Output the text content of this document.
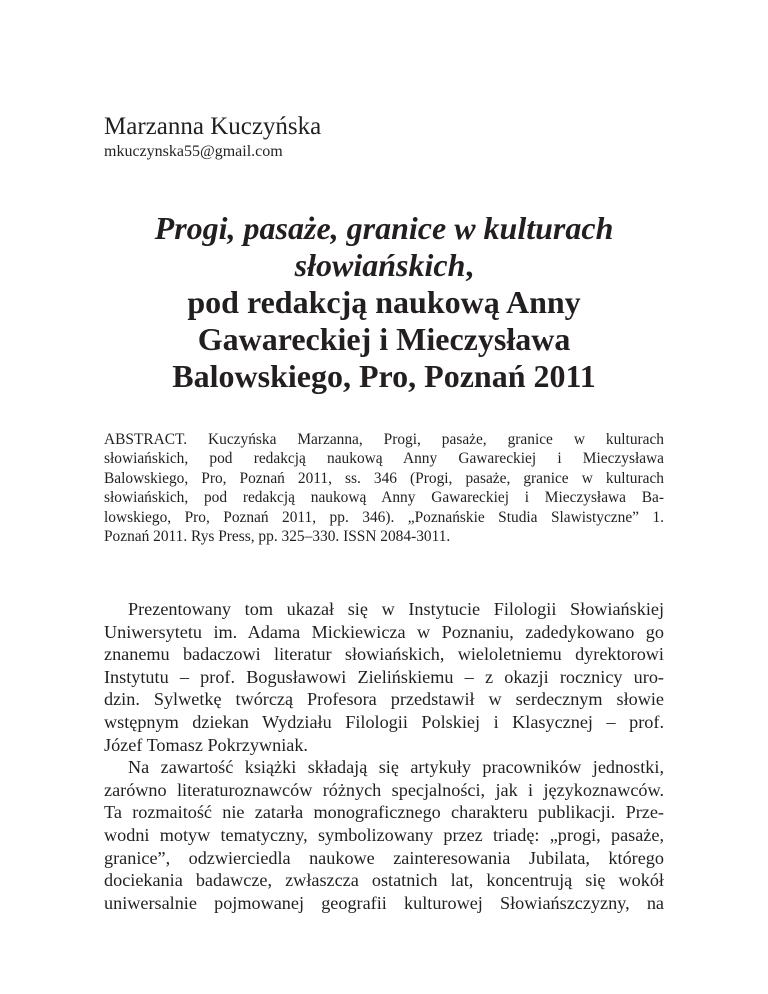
Marzanna Kuczyńska
mkuczynska55@gmail.com
Progi, pasaże, granice w kulturach
słowiańskich,
pod redakcją naukową Anny
Gawareckiej i Mieczysława
Balowskiego, Pro, Poznań 2011
ABSTRACT. Kuczyńska Marzanna, Progi, pasaże, granice w kulturach
słowiańskich, pod redakcją naukową Anny Gawareckiej i Mieczysława
Balowskiego, Pro, Poznań 2011, ss. 346 (Progi, pasaże, granice w kulturach
słowiańskich, pod redakcją naukową Anny Gawareckiej i Mieczysława Ba-
lowskiego, Pro, Poznań 2011, pp. 346). „Poznańskie Studia Slawistyczne” 1.
Poznań 2011. Rys Press, pp. 325–330. ISSN 2084-3011.
Prezentowany tom ukazał się w Instytucie Filologii Słowiańskiej
Uniwersytetu im. Adama Mickiewicza w Poznaniu, zadedykowano go
znanemu badaczowi literatur słowiańskich, wieloletniemu dyrektorowi
Instytutu – prof. Bogusławowi Zielińskiemu – z okazji rocznicy uro-
dzin. Sylwetkę twórczą Profesora przedstawił w serdecznym słowie
wstępnym dziekan Wydziału Filologii Polskiej i Klasycznej – prof.
Józef Tomasz Pokrzywniak.
Na zawartość książki składają się artykuły pracowników jednostki,
zarówno literaturoznawców różnych specjalności, jak i językoznawców.
Ta rozmaitość nie zatarła monograficznego charakteru publikacji. Prze-
wodni motyw tematyczny, symbolizowany przez triadę: „progi, pasaże,
granice”, odzwierciedla naukowe zainteresowania Jubilata, którego
dociekania badawcze, zwłaszcza ostatnich lat, koncentrują się wokół
uniwersalnie pojmowanej geografii kulturowej Słowiańszczyzny, na
